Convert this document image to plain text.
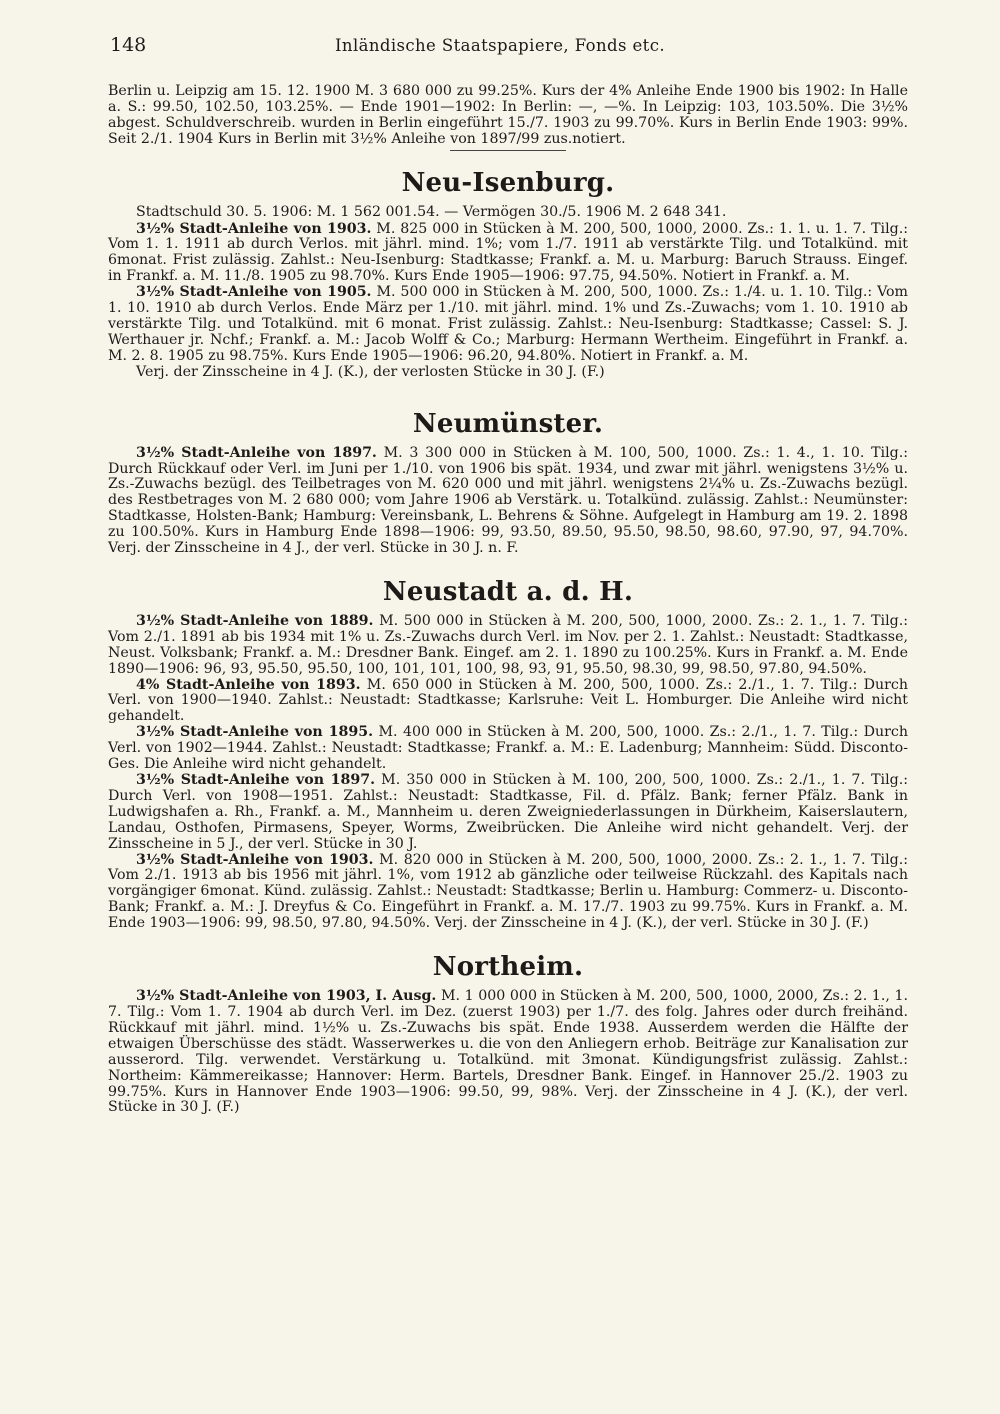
148	Inländische Staatspapiere, Fonds etc.

Berlin u. Leipzig am 15. 12. 1900 M. 3 680 000 zu 99.25%. Kurs der 4% Anleihe Ende 1900 bis 1902: In Halle a. S.: 99.50, 102.50, 103.25%. — Ende 1901—1902: In Berlin: —, —%. In Leipzig: 103, 103.50%. Die 3½% abgest. Schuldverschreib. wurden in Berlin eingeführt 15./7. 1903 zu 99.70%. Kurs in Berlin Ende 1903: 99%. Seit 2./1. 1904 Kurs in Berlin mit 3½% Anleihe von 1897/99 zus.notiert.

Neu-Isenburg.

Stadtschuld 30. 5. 1906: M. 1 562 001.54. — Vermögen 30./5. 1906 M. 2 648 341.

3½% Stadt-Anleihe von 1903. M. 825 000 in Stücken à M. 200, 500, 1000, 2000. Zs.: 1. 1. u. 1. 7. Tilg.: Vom 1. 1. 1911 ab durch Verlos. mit jährl. mind. 1%; vom 1./7. 1911 ab verstärkte Tilg. und Totalkünd. mit 6monat. Frist zulässig. Zahlst.: Neu-Isenburg: Stadtkasse; Frankf. a. M. u. Marburg: Baruch Strauss. Eingef. in Frankf. a. M. 11./8. 1905 zu 98.70%. Kurs Ende 1905—1906: 97.75, 94.50%. Notiert in Frankf. a. M.

3½% Stadt-Anleihe von 1905. M. 500 000 in Stücken à M. 200, 500, 1000. Zs.: 1./4. u. 1. 10. Tilg.: Vom 1. 10. 1910 ab durch Verlos. Ende März per 1./10. mit jährl. mind. 1% und Zs.-Zuwachs; vom 1. 10. 1910 ab verstärkte Tilg. und Totalkünd. mit 6 monat. Frist zulässig. Zahlst.: Neu-Isenburg: Stadtkasse; Cassel: S. J. Werthauer jr. Nchf.; Frankf. a. M.: Jacob Wolff & Co.; Marburg: Hermann Wertheim. Eingeführt in Frankf. a. M. 2. 8. 1905 zu 98.75%. Kurs Ende 1905—1906: 96.20, 94.80%. Notiert in Frankf. a. M.

Verj. der Zinsscheine in 4 J. (K.), der verlosten Stücke in 30 J. (F.)

Neumünster.

3½% Stadt-Anleihe von 1897. M. 3 300 000 in Stücken à M. 100, 500, 1000. Zs.: 1. 4., 1. 10. Tilg.: Durch Rückkauf oder Verl. im Juni per 1./10. von 1906 bis spät. 1934, und zwar mit jährl. wenigstens 3½% u. Zs.-Zuwachs bezügl. des Teilbetrages von M. 620 000 und mit jährl. wenigstens 2¼% u. Zs.-Zuwachs bezügl. des Restbetrages von M. 2 680 000; vom Jahre 1906 ab Verstärk. u. Totalkünd. zulässig. Zahlst.: Neumünster: Stadtkasse, Holsten-Bank; Hamburg: Vereinsbank, L. Behrens & Söhne. Aufgelegt in Hamburg am 19. 2. 1898 zu 100.50%. Kurs in Hamburg Ende 1898—1906: 99, 93.50, 89.50, 95.50, 98.50, 98.60, 97.90, 97, 94.70%. Verj. der Zinsscheine in 4 J., der verl. Stücke in 30 J. n. F.

Neustadt a. d. H.

3½% Stadt-Anleihe von 1889. M. 500 000 in Stücken à M. 200, 500, 1000, 2000. Zs.: 2. 1., 1. 7. Tilg.: Vom 2./1. 1891 ab bis 1934 mit 1% u. Zs.-Zuwachs durch Verl. im Nov. per 2. 1. Zahlst.: Neustadt: Stadtkasse, Neust. Volksbank; Frankf. a. M.: Dresdner Bank. Eingef. am 2. 1. 1890 zu 100.25%. Kurs in Frankf. a. M. Ende 1890—1906: 96, 93, 95.50, 95.50, 100, 101, 101, 100, 98, 93, 91, 95.50, 98.30, 99, 98.50, 97.80, 94.50%.

4% Stadt-Anleihe von 1893. M. 650 000 in Stücken à M. 200, 500, 1000. Zs.: 2./1., 1. 7. Tilg.: Durch Verl. von 1900—1940. Zahlst.: Neustadt: Stadtkasse; Karlsruhe: Veit L. Homburger. Die Anleihe wird nicht gehandelt.

3½% Stadt-Anleihe von 1895. M. 400 000 in Stücken à M. 200, 500, 1000. Zs.: 2./1., 1. 7. Tilg.: Durch Verl. von 1902—1944. Zahlst.: Neustadt: Stadtkasse; Frankf. a. M.: E. Ladenburg; Mannheim: Südd. Disconto-Ges. Die Anleihe wird nicht gehandelt.

3½% Stadt-Anleihe von 1897. M. 350 000 in Stücken à M. 100, 200, 500, 1000. Zs.: 2./1., 1. 7. Tilg.: Durch Verl. von 1908—1951. Zahlst.: Neustadt: Stadtkasse, Fil. d. Pfälz. Bank; ferner Pfälz. Bank in Ludwigshafen a. Rh., Frankf. a. M., Mannheim u. deren Zweigniederlassungen in Dürkheim, Kaiserslautern, Landau, Osthofen, Pirmasens, Speyer, Worms, Zweibrücken. Die Anleihe wird nicht gehandelt. Verj. der Zinsscheine in 5 J., der verl. Stücke in 30 J.

3½% Stadt-Anleihe von 1903. M. 820 000 in Stücken à M. 200, 500, 1000, 2000. Zs.: 2. 1., 1. 7. Tilg.: Vom 2./1. 1913 ab bis 1956 mit jährl. 1%, vom 1912 ab gänzliche oder teilweise Rückzahl. des Kapitals nach vorgängiger 6monat. Künd. zulässig. Zahlst.: Neustadt: Stadtkasse; Berlin u. Hamburg: Commerz- u. Disconto-Bank; Frankf. a. M.: J. Dreyfus & Co. Eingeführt in Frankf. a. M. 17./7. 1903 zu 99.75%. Kurs in Frankf. a. M. Ende 1903—1906: 99, 98.50, 97.80, 94.50%. Verj. der Zinsscheine in 4 J. (K.), der verl. Stücke in 30 J. (F.)

Northeim.

3½% Stadt-Anleihe von 1903, I. Ausg. M. 1 000 000 in Stücken à M. 200, 500, 1000, 2000, Zs.: 2. 1., 1. 7. Tilg.: Vom 1. 7. 1904 ab durch Verl. im Dez. (zuerst 1903) per 1./7. des folg. Jahres oder durch freihänd. Rückkauf mit jährl. mind. 1½% u. Zs.-Zuwachs bis spät. Ende 1938. Ausserdem werden die Hälfte der etwaigen Überschüsse des städt. Wasserwerkes u. die von den Anliegern erhob. Beiträge zur Kanalisation zur ausserord. Tilg. verwendet. Verstärkung u. Totalkünd. mit 3monat. Kündigungsfrist zulässig. Zahlst.: Northeim: Kämmereikasse; Hannover: Herm. Bartels, Dresdner Bank. Eingef. in Hannover 25./2. 1903 zu 99.75%. Kurs in Hannover Ende 1903—1906: 99.50, 99, 98%. Verj. der Zinsscheine in 4 J. (K.), der verl. Stücke in 30 J. (F.)
